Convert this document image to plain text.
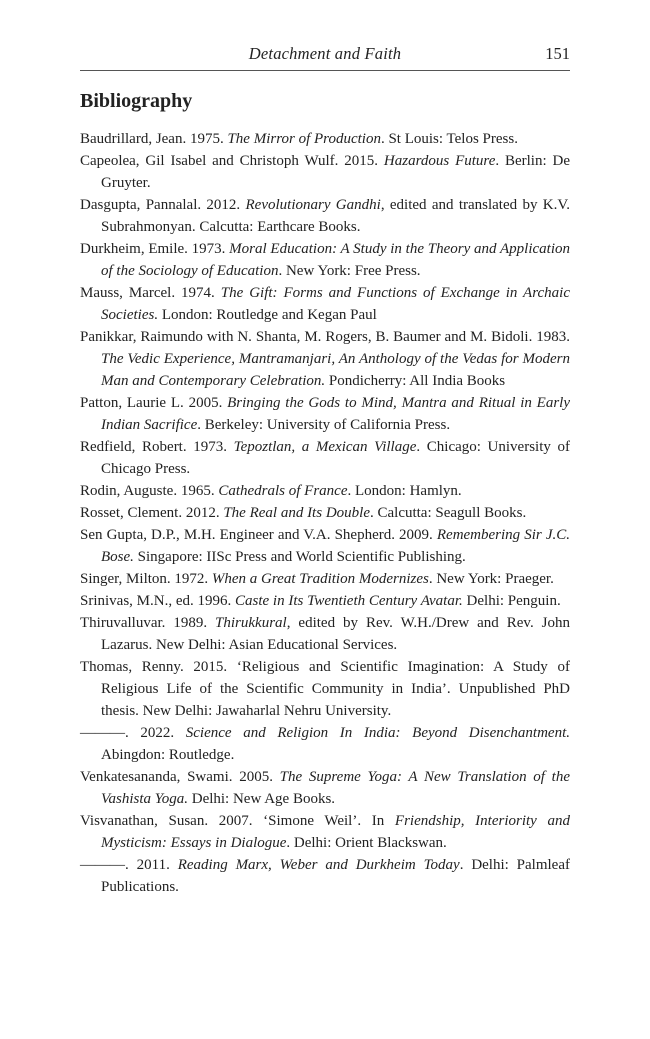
Detachment and Faith	151
Bibliography
Baudrillard, Jean. 1975. The Mirror of Production. St Louis: Telos Press.
Capeolea, Gil Isabel and Christoph Wulf. 2015. Hazardous Future. Berlin: De Gruyter.
Dasgupta, Pannalal. 2012. Revolutionary Gandhi, edited and translated by K.V. Subrahmonyan. Calcutta: Earthcare Books.
Durkheim, Emile. 1973. Moral Education: A Study in the Theory and Application of the Sociology of Education. New York: Free Press.
Mauss, Marcel. 1974. The Gift: Forms and Functions of Exchange in Archaic Societies. London: Routledge and Kegan Paul
Panikkar, Raimundo with N. Shanta, M. Rogers, B. Baumer and M. Bidoli. 1983. The Vedic Experience, Mantramanjari, An Anthology of the Vedas for Modern Man and Contemporary Celebration. Pondicherry: All India Books
Patton, Laurie L. 2005. Bringing the Gods to Mind, Mantra and Ritual in Early Indian Sacrifice. Berkeley: University of California Press.
Redfield, Robert. 1973. Tepoztlan, a Mexican Village. Chicago: University of Chicago Press.
Rodin, Auguste. 1965. Cathedrals of France. London: Hamlyn.
Rosset, Clement. 2012. The Real and Its Double. Calcutta: Seagull Books.
Sen Gupta, D.P., M.H. Engineer and V.A. Shepherd. 2009. Remembering Sir J.C. Bose. Singapore: IISc Press and World Scientific Publishing.
Singer, Milton. 1972. When a Great Tradition Modernizes. New York: Praeger.
Srinivas, M.N., ed. 1996. Caste in Its Twentieth Century Avatar. Delhi: Penguin.
Thiruvalluvar. 1989. Thirukkural, edited by Rev. W.H./Drew and Rev. John Lazarus. New Delhi: Asian Educational Services.
Thomas, Renny. 2015. ‘Religious and Scientific Imagination: A Study of Religious Life of the Scientific Community in India’. Unpublished PhD thesis. New Delhi: Jawaharlal Nehru University.
———. 2022. Science and Religion In India: Beyond Disenchantment. Abingdon: Routledge.
Venkatesananda, Swami. 2005. The Supreme Yoga: A New Translation of the Vashista Yoga. Delhi: New Age Books.
Visvanathan, Susan. 2007. ‘Simone Weil’. In Friendship, Interiority and Mysticism: Essays in Dialogue. Delhi: Orient Blackswan.
———. 2011. Reading Marx, Weber and Durkheim Today. Delhi: Palmleaf Publications.
